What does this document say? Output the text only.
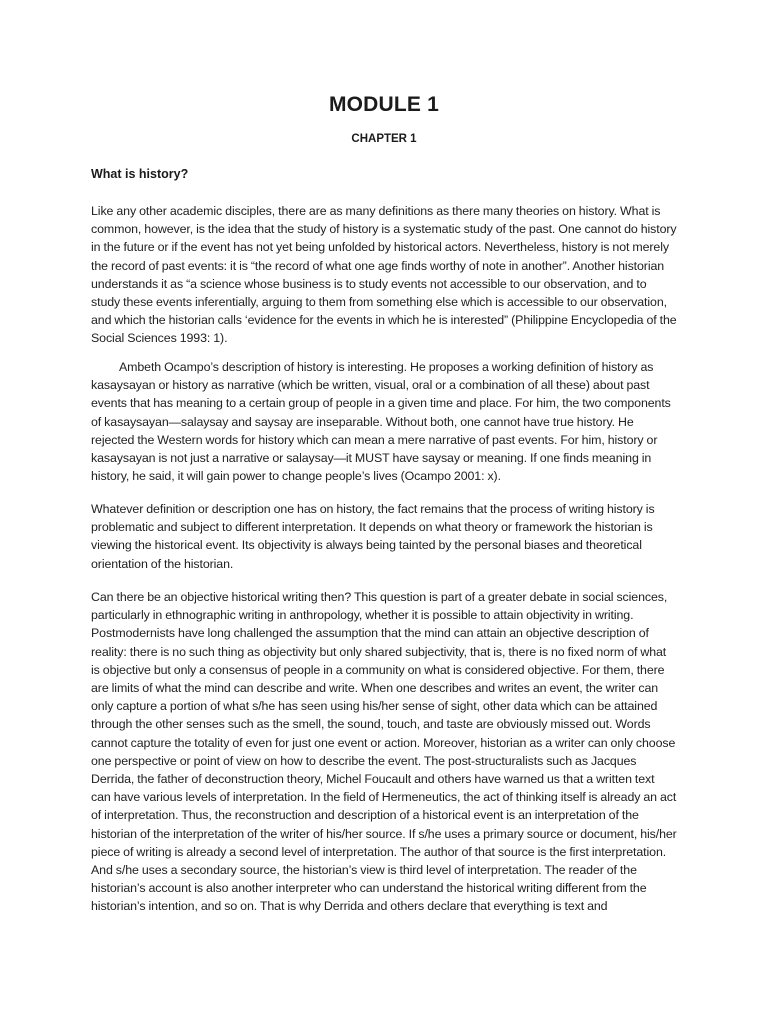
MODULE 1
CHAPTER 1
What is history?

Like any other academic disciples, there are as many definitions as there many theories on history. What is common, however, is the idea that the study of history is a systematic study of the past. One cannot do history in the future or if the event has not yet being unfolded by historical actors. Nevertheless, history is not merely the record of past events: it is “the record of what one age finds worthy of note in another”. Another historian understands it as “a science whose business is to study events not accessible to our observation, and to study these events inferentially, arguing to them from something else which is accessible to our observation, and which the historian calls ‘evidence for the events in which he is interested” (Philippine Encyclopedia of the Social Sciences 1993: 1).

Ambeth Ocampo’s description of history is interesting. He proposes a working definition of history as kasaysayan or history as narrative (which be written, visual, oral or a combination of all these) about past events that has meaning to a certain group of people in a given time and place. For him, the two components of kasaysayan—salaysay and saysay are inseparable. Without both, one cannot have true history. He rejected the Western words for history which can mean a mere narrative of past events. For him, history or kasaysayan is not just a narrative or salaysay—it MUST have saysay or meaning. If one finds meaning in history, he said, it will gain power to change people’s lives (Ocampo 2001: x).

Whatever definition or description one has on history, the fact remains that the process of writing history is problematic and subject to different interpretation. It depends on what theory or framework the historian is viewing the historical event. Its objectivity is always being tainted by the personal biases and theoretical orientation of the historian.

Can there be an objective historical writing then? This question is part of a greater debate in social sciences, particularly in ethnographic writing in anthropology, whether it is possible to attain objectivity in writing. Postmodernists have long challenged the assumption that the mind can attain an objective description of reality: there is no such thing as objectivity but only shared subjectivity, that is, there is no fixed norm of what is objective but only a consensus of people in a community on what is considered objective. For them, there are limits of what the mind can describe and write. When one describes and writes an event, the writer can only capture a portion of what s/he has seen using his/her sense of sight, other data which can be attained through the other senses such as the smell, the sound, touch, and taste are obviously missed out. Words cannot capture the totality of even for just one event or action. Moreover, historian as a writer can only choose one perspective or point of view on how to describe the event. The post-structuralists such as Jacques Derrida, the father of deconstruction theory, Michel Foucault and others have warned us that a written text can have various levels of interpretation. In the field of Hermeneutics, the act of thinking itself is already an act of interpretation. Thus, the reconstruction and description of a historical event is an interpretation of the historian of the interpretation of the writer of his/her source. If s/he uses a primary source or document, his/her piece of writing is already a second level of interpretation. The author of that source is the first interpretation. And s/he uses a secondary source, the historian’s view is third level of interpretation. The reader of the historian’s account is also another interpreter who can understand the historical writing different from the historian’s intention, and so on. That is why Derrida and others declare that everything is text and
